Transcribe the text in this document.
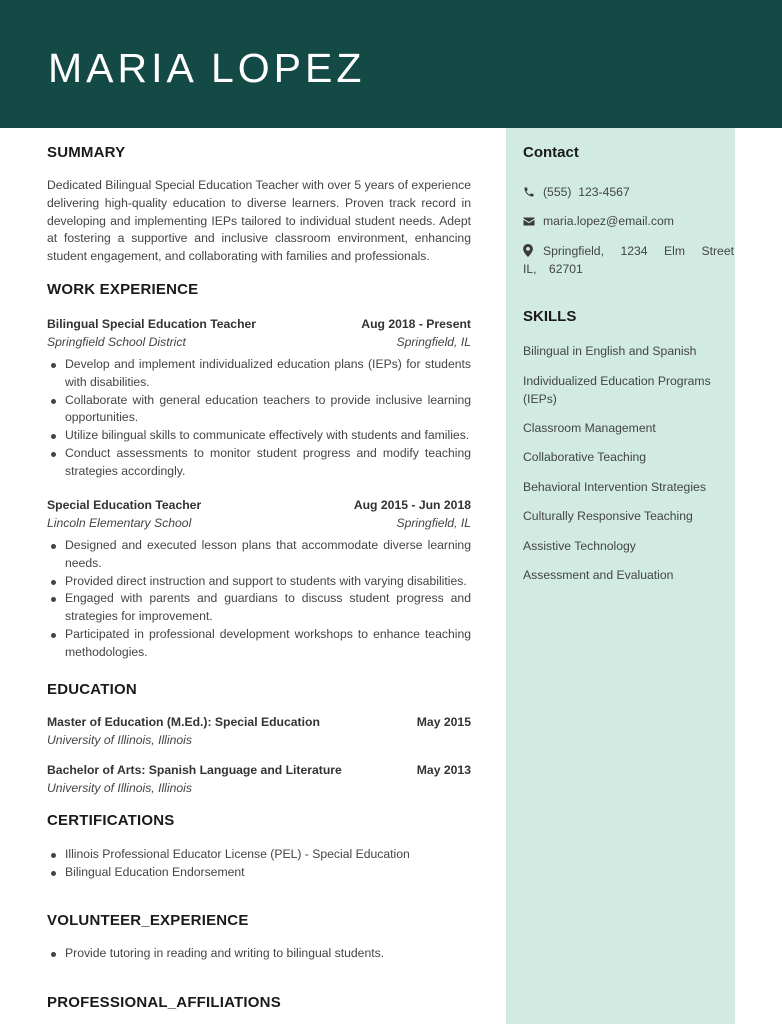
MARIA LOPEZ
Contact
(555)  123-4567
maria.lopez@email.com
Springfield, 1234 Elm Street IL, 62701
SKILLS
Bilingual in English and Spanish
Individualized Education Programs (IEPs)
Classroom Management
Collaborative Teaching
Behavioral Intervention Strategies
Culturally Responsive Teaching
Assistive Technology
Assessment and Evaluation
SUMMARY

Dedicated Bilingual Special Education Teacher with over 5 years of experience delivering high-quality education to diverse learners. Proven track record in developing and implementing IEPs tailored to individual student needs. Adept at fostering a supportive and inclusive classroom environment, enhancing student engagement, and collaborating with families and professionals.

WORK EXPERIENCE
Bilingual Special Education Teacher	Aug 2018 - Present
Springfield School District	Springfield, IL
Develop and implement individualized education plans (IEPs) for students with disabilities.
Collaborate with general education teachers to provide inclusive learning opportunities.
Utilize bilingual skills to communicate effectively with students and families.
Conduct assessments to monitor student progress and modify teaching strategies accordingly.
Special Education Teacher	Aug 2015 - Jun 2018
Lincoln Elementary School	Springfield, IL
Designed and executed lesson plans that accommodate diverse learning needs.
Provided direct instruction and support to students with varying disabilities.
Engaged with parents and guardians to discuss student progress and strategies for improvement.
Participated in professional development workshops to enhance teaching methodologies.
EDUCATION
Master of Education (M.Ed.): Special Education	May 2015
University of Illinois, Illinois
Bachelor of Arts: Spanish Language and Literature	May 2013
University of Illinois, Illinois
CERTIFICATIONS
Illinois Professional Educator License (PEL) - Special Education
Bilingual Education Endorsement
VOLUNTEER_EXPERIENCE
Provide tutoring in reading and writing to bilingual students.
PROFESSIONAL_AFFILIATIONS
